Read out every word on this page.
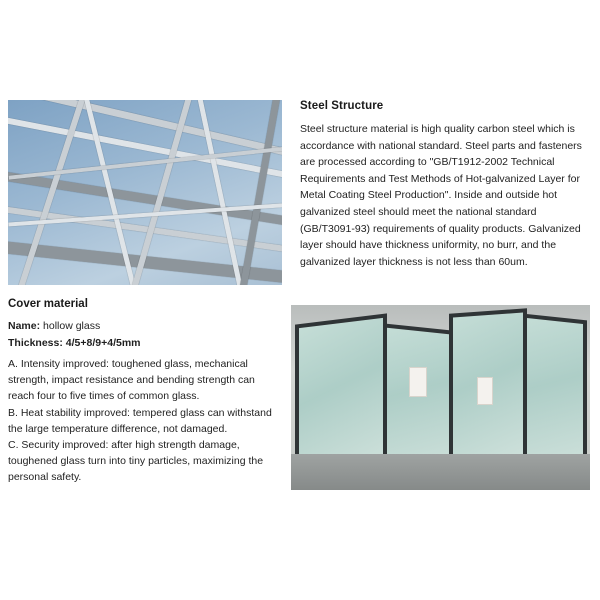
Steel Structure

Steel structure material is high quality carbon steel which is accordance with national standard. Steel parts and fasteners are processed according to "GB/T1912-2002 Technical Requirements and Test Methods of Hot-galvanized Layer for Metal Coating Steel Production". Inside and outside hot galvanized steel should meet the national standard (GB/T3091-93) requirements of quality products. Galvanized layer should have thickness uniformity, no burr, and the galvanized layer thickness is not less than 60um.

Cover material

Name: hollow glass

Thickness: 4/5+8/9+4/5mm

A. Intensity improved: toughened glass, mechanical strength, impact resistance and bending strength can reach four to five times of common glass.

B. Heat stability improved: tempered glass can withstand the large temperature difference, not damaged.

C. Security improved: after high strength damage, toughened glass turn into tiny particles, maximizing the personal safety.
